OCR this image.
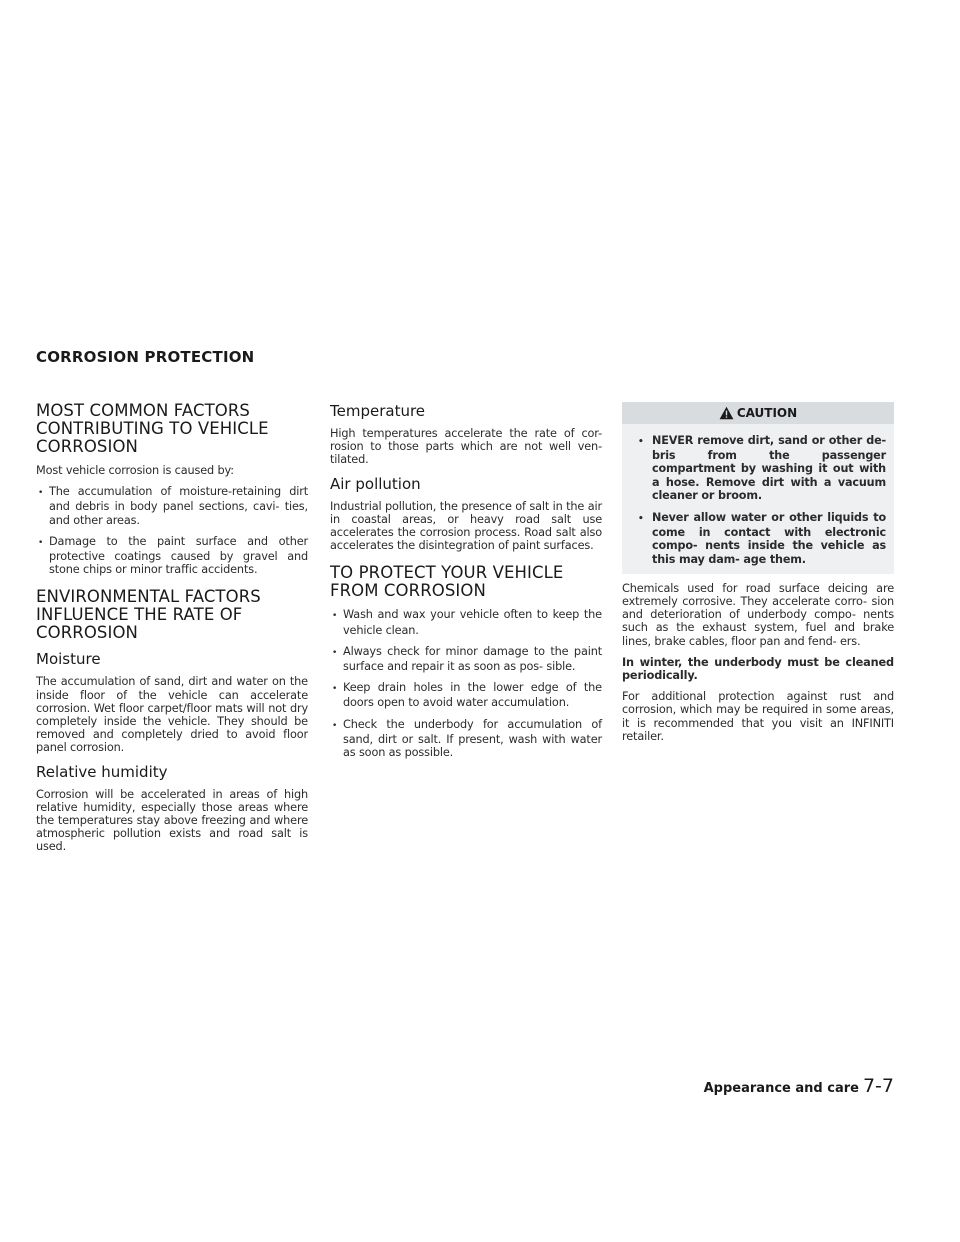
CORROSION PROTECTION
MOST COMMON FACTORS CONTRIBUTING TO VEHICLE CORROSION

Most vehicle corrosion is caused by:

• The accumulation of moisture-retaining dirt and debris in body panel sections, cavi- ties, and other areas.
• Damage to the paint surface and other protective coatings caused by gravel and stone chips or minor traffic accidents.
ENVIRONMENTAL FACTORS INFLUENCE THE RATE OF CORROSION
Moisture

The accumulation of sand, dirt and water on the inside floor of the vehicle can accelerate corrosion. Wet floor carpet/floor mats will not dry completely inside the vehicle. They should be removed and completely dried to avoid floor panel corrosion.

Relative humidity

Corrosion will be accelerated in areas of high relative humidity, especially those areas where the temperatures stay above freezing and where atmospheric pollution exists and road salt is used.

Temperature

High temperatures accelerate the rate of cor- rosion to those parts which are not well ven- tilated.

Air pollution

Industrial pollution, the presence of salt in the air in coastal areas, or heavy road salt use accelerates the corrosion process. Road salt also accelerates the disintegration of paint surfaces.

TO PROTECT YOUR VEHICLE FROM CORROSION
• Wash and wax your vehicle often to keep the vehicle clean.
• Always check for minor damage to the paint surface and repair it as soon as pos- sible.
• Keep drain holes in the lower edge of the doors open to avoid water accumulation.
• Check the underbody for accumulation of sand, dirt or salt. If present, wash with water as soon as possible.
CAUTION
• NEVER remove dirt, sand or other de- bris from the passenger compartment by washing it out with a hose. Remove dirt with a vacuum cleaner or broom.
• Never allow water or other liquids to come in contact with electronic compo- nents inside the vehicle as this may dam- age them.

Chemicals used for road surface deicing are extremely corrosive. They accelerate corro- sion and deterioration of underbody compo- nents such as the exhaust system, fuel and brake lines, brake cables, floor pan and fend- ers.

In winter, the underbody must be cleaned periodically.

For additional protection against rust and corrosion, which may be required in some areas, it is recommended that you visit an INFINITI retailer.

Appearance and care 7-7
